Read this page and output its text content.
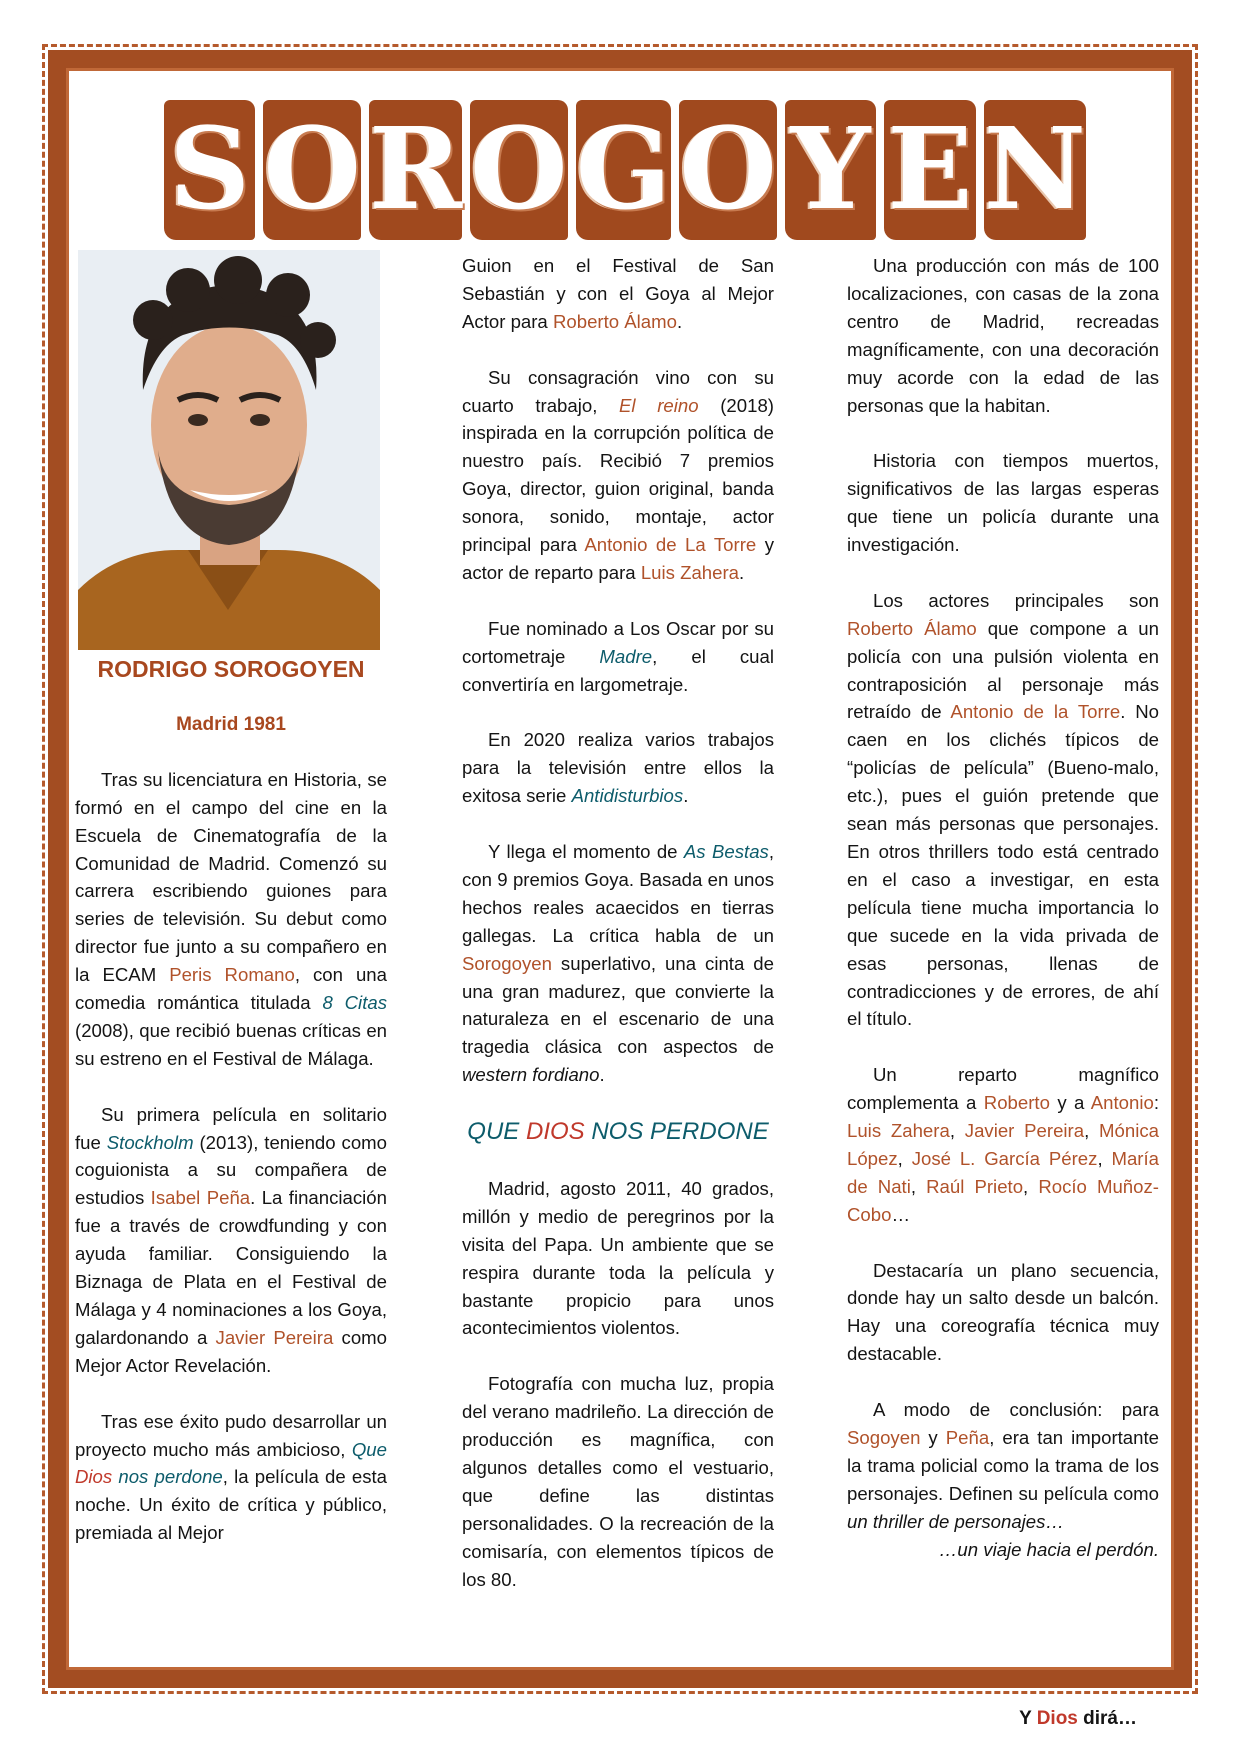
S O R O G O Y E N

RODRIGO SOROGOYEN

Madrid 1981

Tras su licenciatura en Historia, se formó en el campo del cine en la Escuela de Cinematografía de la Comunidad de Madrid. Comenzó su carrera escribiendo guiones para series de televisión. Su debut como director fue junto a su compañero en la ECAM Peris Romano, con una comedia romántica titulada 8 Citas (2008), que recibió buenas críticas en su estreno en el Festival de Málaga.

Su primera película en solitario fue Stockholm (2013), teniendo como coguionista a su compañera de estudios Isabel Peña. La financiación fue a través de crowdfunding y con ayuda familiar. Consiguiendo la Biznaga de Plata en el Festival de Málaga y 4 nominaciones a los Goya, galardonando a Javier Pereira como Mejor Actor Revelación.

Tras ese éxito pudo desarrollar un proyecto mucho más ambicioso, Que Dios nos perdone, la película de esta noche. Un éxito de crítica y público, premiada al Mejor

Guion en el Festival de San Sebastián y con el Goya al Mejor Actor para Roberto Álamo.

Su consagración vino con su cuarto trabajo, El reino (2018) inspirada en la corrupción política de nuestro país. Recibió 7 premios Goya, director, guion original, banda sonora, sonido, montaje, actor principal para Antonio de La Torre y actor de reparto para Luis Zahera.

Fue nominado a Los Oscar por su cortometraje Madre, el cual convertiría en largometraje.

En 2020 realiza varios trabajos para la televisión entre ellos la exitosa serie Antidisturbios.

Y llega el momento de As Bestas, con 9 premios Goya. Basada en unos hechos reales acaecidos en tierras gallegas. La crítica habla de un Sorogoyen superlativo, una cinta de una gran madurez, que convierte la naturaleza en el escenario de una tragedia clásica con aspectos de western fordiano.

QUE DIOS NOS PERDONE

Madrid, agosto 2011, 40 grados, millón y medio de peregrinos por la visita del Papa. Un ambiente que se respira durante toda la película y bastante propicio para unos acontecimientos violentos.

Fotografía con mucha luz, propia del verano madrileño. La dirección de producción es magnífica, con algunos detalles como el vestuario, que define las distintas personalidades. O la recreación de la comisaría, con elementos típicos de los 80.

Una producción con más de 100 localizaciones, con casas de la zona centro de Madrid, recreadas magníficamente, con una decoración muy acorde con la edad de las personas que la habitan.

Historia con tiempos muertos, significativos de las largas esperas que tiene un policía durante una investigación.

Los actores principales son Roberto Álamo que compone a un policía con una pulsión violenta en contraposición al personaje más retraído de Antonio de la Torre. No caen en los clichés típicos de “policías de película” (Bueno-malo, etc.), pues el guión pretende que sean más personas que personajes. En otros thrillers todo está centrado en el caso a investigar, en esta película tiene mucha importancia lo que sucede en la vida privada de esas personas, llenas de contradicciones y de errores, de ahí el título.

Un reparto magnífico complementa a Roberto y a Antonio: Luis Zahera, Javier Pereira, Mónica López, José L. García Pérez, María de Nati, Raúl Prieto, Rocío Muñoz-Cobo…

Destacaría un plano secuencia, donde hay un salto desde un balcón. Hay una coreografía técnica muy destacable.

A modo de conclusión: para Sogoyen y Peña, era tan importante la trama policial como la trama de los personajes. Definen su película como un thriller de personajes…

…un viaje hacia el perdón.

Y Dios dirá…
